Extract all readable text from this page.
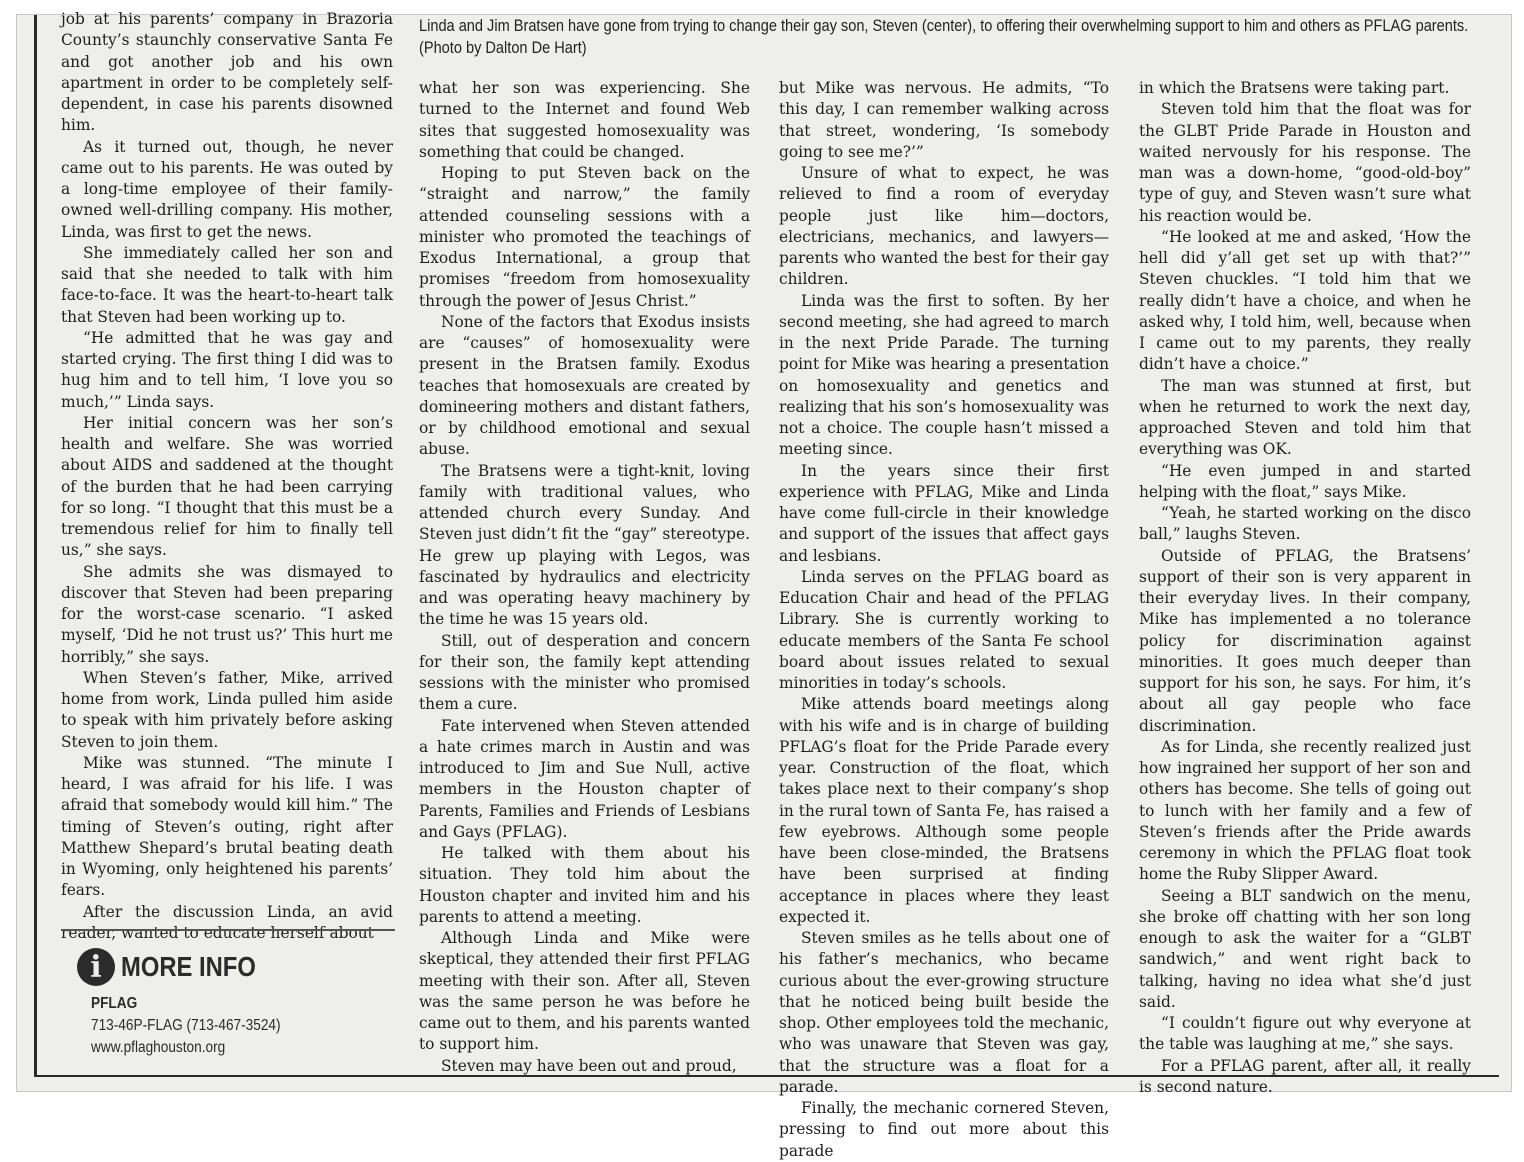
Linda and Jim Bratsen have gone from trying to change their gay son, Steven (center), to offering their overwhelming support to him and others as PFLAG parents.
(Photo by Dalton De Hart)

job at his parents’ company in Brazoria County’s staunchly conservative Santa Fe and got another job and his own apartment in order to be completely self-dependent, in case his parents disowned him.

As it turned out, though, he never came out to his parents. He was outed by a long-time employee of their family-owned well-drilling company. His mother, Linda, was first to get the news.

She immediately called her son and said that she needed to talk with him face-to-face. It was the heart-to-heart talk that Steven had been working up to.

“He admitted that he was gay and started crying. The first thing I did was to hug him and to tell him, ‘I love you so much,’” Linda says.

Her initial concern was her son’s health and welfare. She was worried about AIDS and saddened at the thought of the burden that he had been carrying for so long. “I thought that this must be a tremendous relief for him to finally tell us,” she says.

She admits she was dismayed to discover that Steven had been preparing for the worst-case scenario. “I asked myself, ‘Did he not trust us?’ This hurt me horribly,” she says.

When Steven’s father, Mike, arrived home from work, Linda pulled him aside to speak with him privately before asking Steven to join them.

Mike was stunned. “The minute I heard, I was afraid for his life. I was afraid that somebody would kill him.” The timing of Steven’s outing, right after Matthew Shepard’s brutal beating death in Wyoming, only heightened his parents’ fears.

After the discussion Linda, an avid reader, wanted to educate herself about

what her son was experiencing. She turned to the Internet and found Web sites that suggested homosexuality was something that could be changed.

Hoping to put Steven back on the “straight and narrow,” the family attended counseling sessions with a minister who promoted the teachings of Exodus International, a group that promises “freedom from homosexuality through the power of Jesus Christ.”

None of the factors that Exodus insists are “causes” of homosexuality were present in the Bratsen family. Exodus teaches that homosexuals are created by domineering mothers and distant fathers, or by childhood emotional and sexual abuse.

The Bratsens were a tight-knit, loving family with traditional values, who attended church every Sunday. And Steven just didn’t fit the “gay” stereotype. He grew up playing with Legos, was fascinated by hydraulics and electricity and was operating heavy machinery by the time he was 15 years old.

Still, out of desperation and concern for their son, the family kept attending sessions with the minister who promised them a cure.

Fate intervened when Steven attended a hate crimes march in Austin and was introduced to Jim and Sue Null, active members in the Houston chapter of Parents, Families and Friends of Lesbians and Gays (PFLAG).

He talked with them about his situation. They told him about the Houston chapter and invited him and his parents to attend a meeting.

Although Linda and Mike were skeptical, they attended their first PFLAG meeting with their son. After all, Steven was the same person he was before he came out to them, and his parents wanted to support him.

Steven may have been out and proud,

but Mike was nervous. He admits, “To this day, I can remember walking across that street, wondering, ‘Is somebody going to see me?’”

Unsure of what to expect, he was relieved to find a room of everyday people just like him—doctors, electricians, mechanics, and lawyers—parents who wanted the best for their gay children.

Linda was the first to soften. By her second meeting, she had agreed to march in the next Pride Parade. The turning point for Mike was hearing a presentation on homosexuality and genetics and realizing that his son’s homosexuality was not a choice. The couple hasn’t missed a meeting since.

In the years since their first experience with PFLAG, Mike and Linda have come full-circle in their knowledge and support of the issues that affect gays and lesbians.

Linda serves on the PFLAG board as Education Chair and head of the PFLAG Library. She is currently working to educate members of the Santa Fe school board about issues related to sexual minorities in today’s schools.

Mike attends board meetings along with his wife and is in charge of building PFLAG’s float for the Pride Parade every year. Construction of the float, which takes place next to their company’s shop in the rural town of Santa Fe, has raised a few eyebrows. Although some people have been close-minded, the Bratsens have been surprised at finding acceptance in places where they least expected it.

Steven smiles as he tells about one of his father’s mechanics, who became curious about the ever-growing structure that he noticed being built beside the shop. Other employees told the mechanic, who was unaware that Steven was gay, that the structure was a float for a parade.

Finally, the mechanic cornered Steven, pressing to find out more about this parade

in which the Bratsens were taking part.

Steven told him that the float was for the GLBT Pride Parade in Houston and waited nervously for his response. The man was a down-home, “good-old-boy” type of guy, and Steven wasn’t sure what his reaction would be.

“He looked at me and asked, ‘How the hell did y’all get set up with that?’” Steven chuckles. “I told him that we really didn’t have a choice, and when he asked why, I told him, well, because when I came out to my parents, they really didn’t have a choice.”

The man was stunned at first, but when he returned to work the next day, approached Steven and told him that everything was OK.

“He even jumped in and started helping with the float,” says Mike.

“Yeah, he started working on the disco ball,” laughs Steven.

Outside of PFLAG, the Bratsens’ support of their son is very apparent in their everyday lives. In their company, Mike has implemented a no tolerance policy for discrimination against minorities. It goes much deeper than support for his son, he says. For him, it’s about all gay people who face discrimination.

As for Linda, she recently realized just how ingrained her support of her son and others has become. She tells of going out to lunch with her family and a few of Steven’s friends after the Pride awards ceremony in which the PFLAG float took home the Ruby Slipper Award.

Seeing a BLT sandwich on the menu, she broke off chatting with her son long enough to ask the waiter for a “GLBT sandwich,” and went right back to talking, having no idea what she’d just said.

“I couldn’t figure out why everyone at the table was laughing at me,” she says.

For a PFLAG parent, after all, it really is second nature.

i MORE INFO
PFLAG
713-46P-FLAG (713-467-3524)
www.pflaghouston.org
